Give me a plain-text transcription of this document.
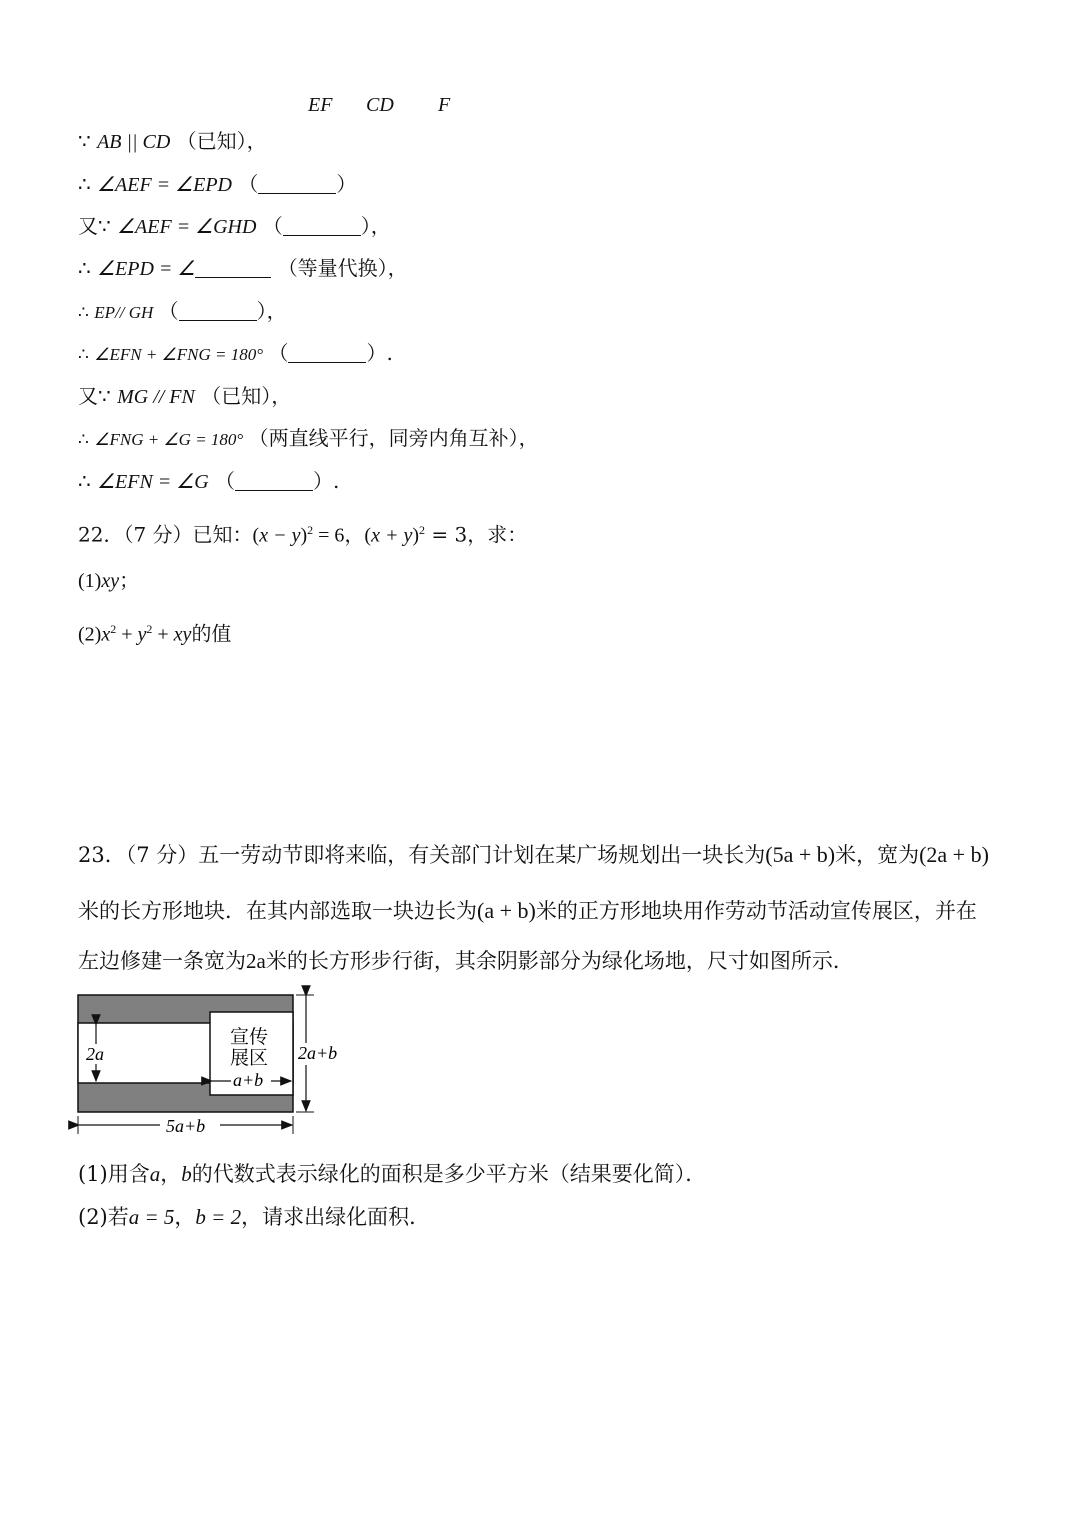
EF CD F
∵ AB || CD （已知），
∴ ∠AEF = ∠EPD （	）
又∵ ∠AEF = ∠GHD （	），
∴ ∠EPD = ∠	（等量代换），
∴ EP// GH （	），
∴ ∠EFN + ∠FNG = 180° （	）.
又∵ MG // FN （已知），
∴ ∠FNG + ∠G = 180° （两直线平行，同旁内角互补），
∴ ∠EFN = ∠G （	）.
22．（7 分）已知：$(x - y)^2 = 6$，$(x + y)^2 = 3$，求：
(1)xy；
$(2)x^2 + y^2$ + xy的值
23．（7 分）五一劳动节即将来临，有关部门计划在某广场规划出一块长为(5a + b)米，宽为(2a + b)
米的长方形地块．在其内部选取一块边长为(a + b)米的正方形地块用作劳动节活动宣传展区，并在
左边修建一条宽为2a米的长方形步行街，其余阴影部分为绿化场地，尺寸如图所示．
2a
宣传
展区
a+b
2a+b
5a+b
(1)用含a，b的代数式表示绿化的面积是多少平方米（结果要化简）．
(2)若a = 5，b = 2，请求出绿化面积．
